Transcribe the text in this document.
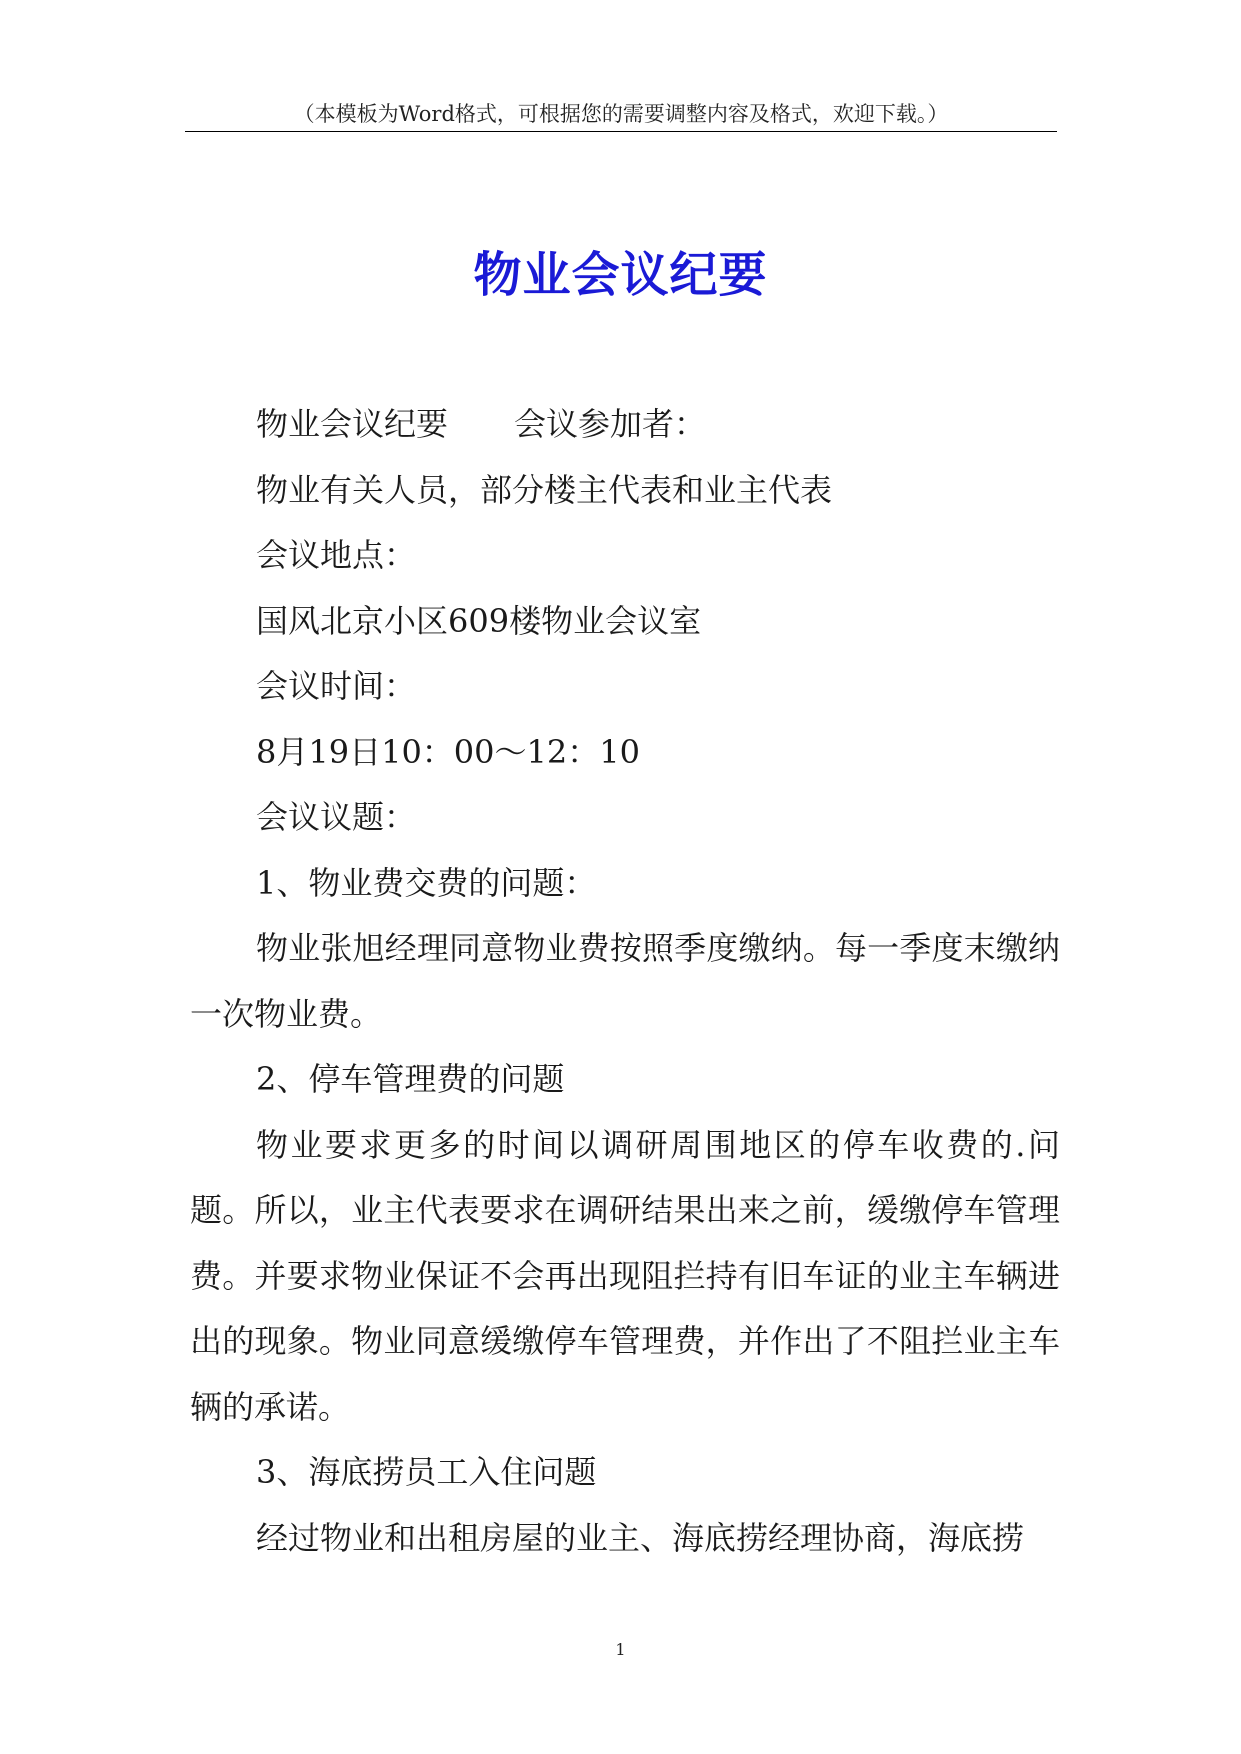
（本模板为Word格式，可根据您的需要调整内容及格式，欢迎下载。）
物业会议纪要

物业会议纪要 会议参加者：

物业有关人员，部分楼主代表和业主代表

会议地点：

国风北京小区609楼物业会议室

会议时间：

8月19日10：00～12：10

会议议题：

1、物业费交费的问题：

物业张旭经理同意物业费按照季度缴纳。每一季度末缴纳一次物业费。

2、停车管理费的问题

物业要求更多的时间以调研周围地区的停车收费的.问题。所以，业主代表要求在调研结果出来之前，缓缴停车管理费。并要求物业保证不会再出现阻拦持有旧车证的业主车辆进出的现象。物业同意缓缴停车管理费，并作出了不阻拦业主车辆的承诺。

3、海底捞员工入住问题

经过物业和出租房屋的业主、海底捞经理协商，海底捞

1
